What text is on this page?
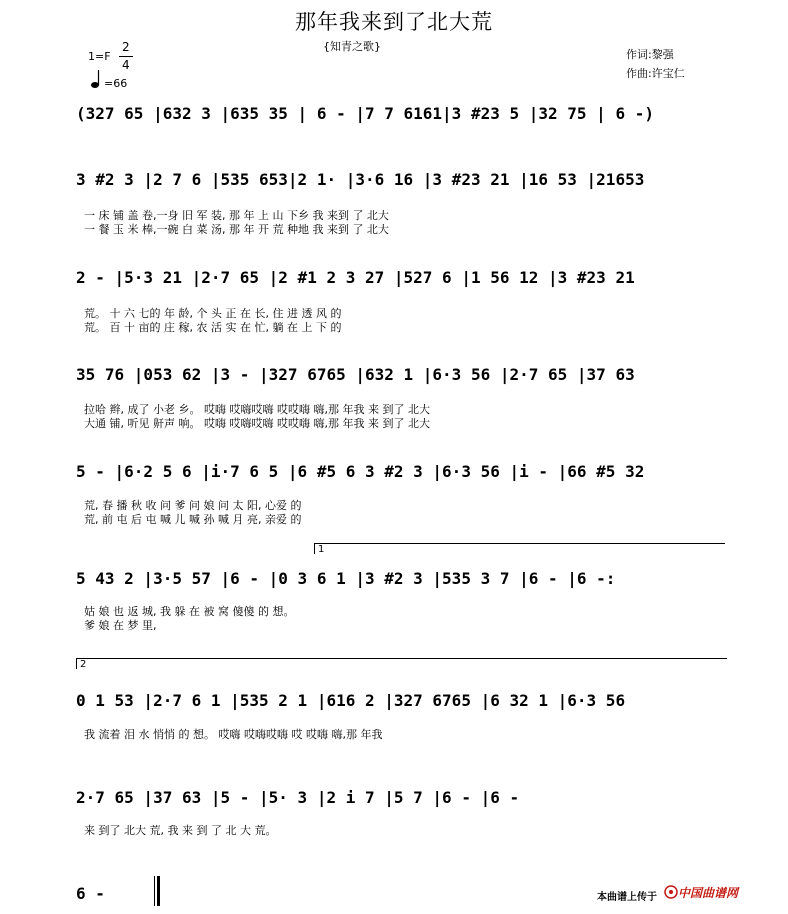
那年我来到了北大荒
{知青之歌}
作词:黎强
作曲:许宝仁
1=F
2
4
=66
(327 65 |632 3 |635 35 | 6 - |7 7 6161|3 #23 5 |32 75 | 6 -)
3 #2 3 |2 7 6 |535 653|2 1· |3·6 16 |3 #23 21 |16 53 |21653
一 床 铺 盖 卷,一身 旧 军 装, 那 年 上 山 下乡 我 来到 了 北大
一 餐 玉 米 棒,一碗 白 菜 汤, 那 年 开 荒 种地 我 来到 了 北大
2 - |5·3 21 |2·7 65 |2 #1 2 3 27 |527 6 |1 56 12 |3 #23 21
荒。 十 六 七的 年 龄, 个 头 正 在 长, 住 进 透 风 的
荒。 百 十 亩的 庄 稼, 农 活 实 在 忙, 躺 在 上 下 的
35 76 |053 62 |3 - |327 6765 |632 1 |6·3 56 |2·7 65 |37 63
拉哈 辫, 成了 小老 乡。 哎嗨 哎嗨哎嗨 哎哎嗨 嗨,那 年我 来 到了 北大
大通 铺, 听见 鼾声 响。 哎嗨 哎嗨哎嗨 哎哎嗨 嗨,那 年我 来 到了 北大
5 - |6·2 5 6 |i·7 6 5 |6 #5 6 3 #2 3 |6·3 56 |i - |66 #5 32
荒, 春 播 秋 收 问 爹 问 娘 问 太 阳, 心爱 的
荒, 前 屯 后 屯 喊 儿 喊 孙 喊 月 亮, 亲爱 的
1
5 43 2 |3·5 57 |6 - |0 3 6 1 |3 #2 3 |535 3 7 |6 - |6 -:
姑 娘 也 返 城, 我 躲 在 被 窝 傻傻 的 想。
爹 娘 在 梦 里,
2
0 1 53 |2·7 6 1 |535 2 1 |616 2 |327 6765 |6 32 1 |6·3 56
我 流着 泪 水 悄悄 的 想。 哎嗨 哎嗨哎嗨 哎 哎嗨 嗨,那 年我
2·7 65 |37 63 |5 - |5· 3 |2 i 7 |5 7 |6 - |6 -
来 到了 北大 荒, 我 来 到 了 北 大 荒。
6 -	本曲谱上传于 中国曲谱网
